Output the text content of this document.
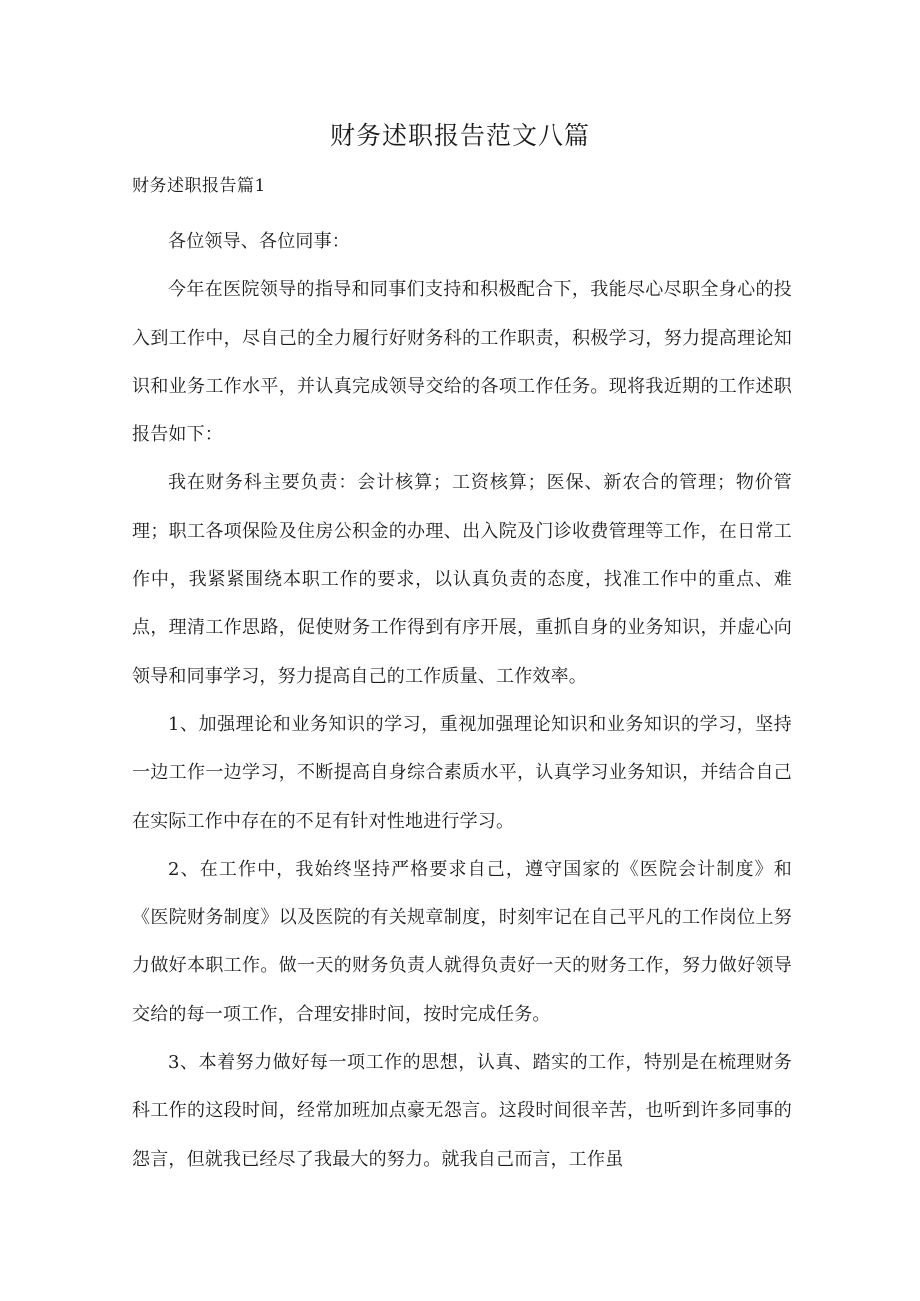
财务述职报告范文八篇
财务述职报告篇1

各位领导、各位同事：

今年在医院领导的指导和同事们支持和积极配合下，我能尽心尽职全身心的投入到工作中，尽自己的全力履行好财务科的工作职责，积极学习，努力提高理论知识和业务工作水平，并认真完成领导交给的各项工作任务。现将我近期的工作述职报告如下：

我在财务科主要负责：会计核算；工资核算；医保、新农合的管理；物价管理；职工各项保险及住房公积金的办理、出入院及门诊收费管理等工作，在日常工作中，我紧紧围绕本职工作的要求，以认真负责的态度，找准工作中的重点、难点，理清工作思路，促使财务工作得到有序开展，重抓自身的业务知识，并虚心向领导和同事学习，努力提高自己的工作质量、工作效率。

1、加强理论和业务知识的学习，重视加强理论知识和业务知识的学习，坚持一边工作一边学习，不断提高自身综合素质水平，认真学习业务知识，并结合自己在实际工作中存在的不足有针对性地进行学习。

2、在工作中，我始终坚持严格要求自己，遵守国家的《医院会计制度》和《医院财务制度》以及医院的有关规章制度，时刻牢记在自己平凡的工作岗位上努力做好本职工作。做一天的财务负责人就得负责好一天的财务工作，努力做好领导交给的每一项工作，合理安排时间，按时完成任务。

3、本着努力做好每一项工作的思想，认真、踏实的工作，特别是在梳理财务科工作的这段时间，经常加班加点豪无怨言。这段时间很辛苦，也听到许多同事的怨言，但就我已经尽了我最大的努力。就我自己而言，工作虽
